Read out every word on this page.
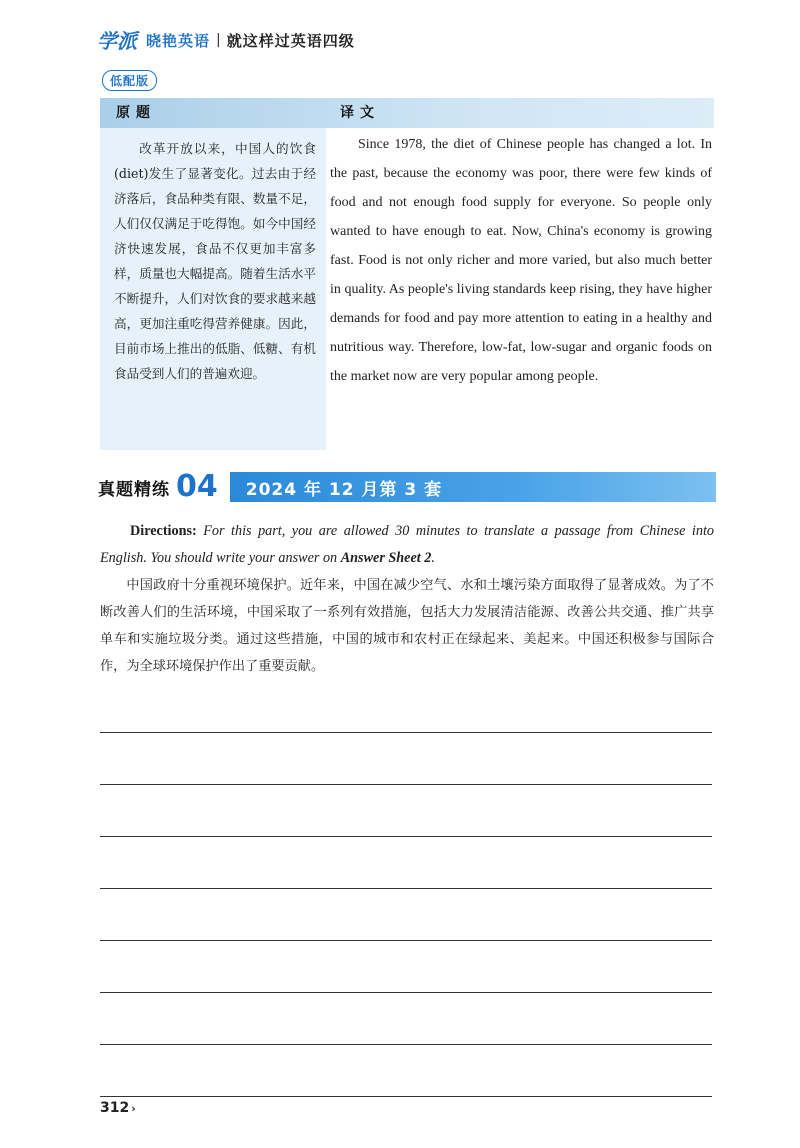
学派 晓艳英语 | 就这样过英语四级
低配版
原题	译文

改革开放以来，中国人的饮食(diet)发生了显著变化。过去由于经济落后，食品种类有限、数量不足，人们仅仅满足于吃得饱。如今中国经济快速发展，食品不仅更加丰富多样，质量也大幅提高。随着生活水平不断提升，人们对饮食的要求越来越高，更加注重吃得营养健康。因此，目前市场上推出的低脂、低糖、有机食品受到人们的普遍欢迎。

Since 1978, the diet of Chinese people has changed a lot. In the past, because the economy was poor, there were few kinds of food and not enough food supply for everyone. So people only wanted to have enough to eat. Now, China's economy is growing fast. Food is not only richer and more varied, but also much better in quality. As people's living standards keep rising, they have higher demands for food and pay more attention to eating in a healthy and nutritious way. Therefore, low-fat, low-sugar and organic foods on the market now are very popular among people.

真题精练 04 2024 年 12 月第 3 套
Directions: For this part, you are allowed 30 minutes to translate a passage from Chinese into English. You should write your answer on Answer Sheet 2.

中国政府十分重视环境保护。近年来，中国在减少空气、水和土壤污染方面取得了显著成效。为了不断改善人们的生活环境，中国采取了一系列有效措施，包括大力发展清洁能源、改善公共交通、推广共享单车和实施垃圾分类。通过这些措施，中国的城市和农村正在绿起来、美起来。中国还积极参与国际合作，为全球环境保护作出了重要贡献。

312 ›
